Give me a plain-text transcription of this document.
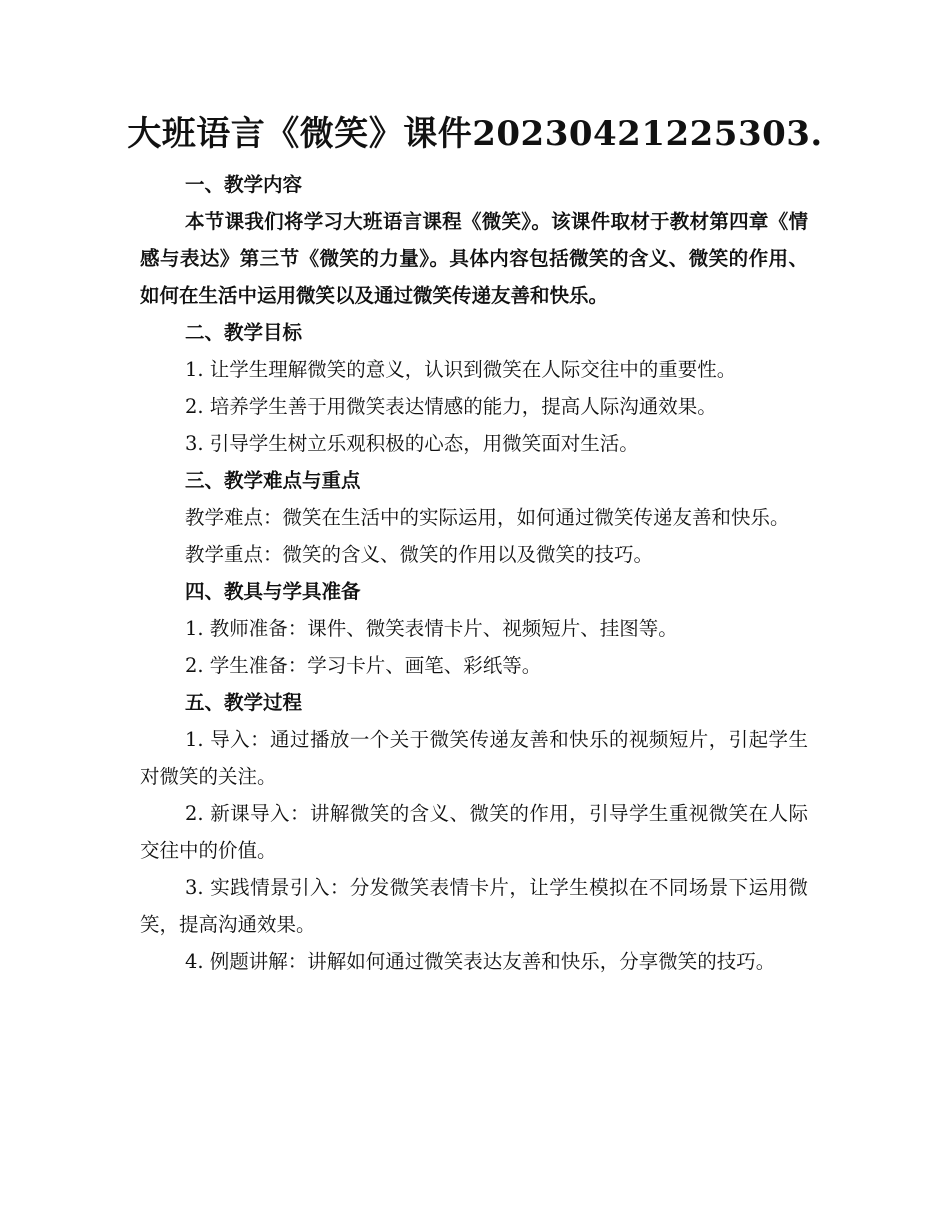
大班语言《微笑》课件20230421225303.

一、教学内容

本节课我们将学习大班语言课程《微笑》。该课件取材于教材第四章《情感与表达》第三节《微笑的力量》。具体内容包括微笑的含义、微笑的作用、如何在生活中运用微笑以及通过微笑传递友善和快乐。

二、教学目标

1. 让学生理解微笑的意义，认识到微笑在人际交往中的重要性。

2. 培养学生善于用微笑表达情感的能力，提高人际沟通效果。

3. 引导学生树立乐观积极的心态，用微笑面对生活。

三、教学难点与重点

教学难点：微笑在生活中的实际运用，如何通过微笑传递友善和快乐。

教学重点：微笑的含义、微笑的作用以及微笑的技巧。

四、教具与学具准备

1. 教师准备：课件、微笑表情卡片、视频短片、挂图等。

2. 学生准备：学习卡片、画笔、彩纸等。

五、教学过程

1. 导入：通过播放一个关于微笑传递友善和快乐的视频短片，引起学生对微笑的关注。

2. 新课导入：讲解微笑的含义、微笑的作用，引导学生重视微笑在人际交往中的价值。

3. 实践情景引入：分发微笑表情卡片，让学生模拟在不同场景下运用微笑，提高沟通效果。

4. 例题讲解：讲解如何通过微笑表达友善和快乐，分享微笑的技巧。
